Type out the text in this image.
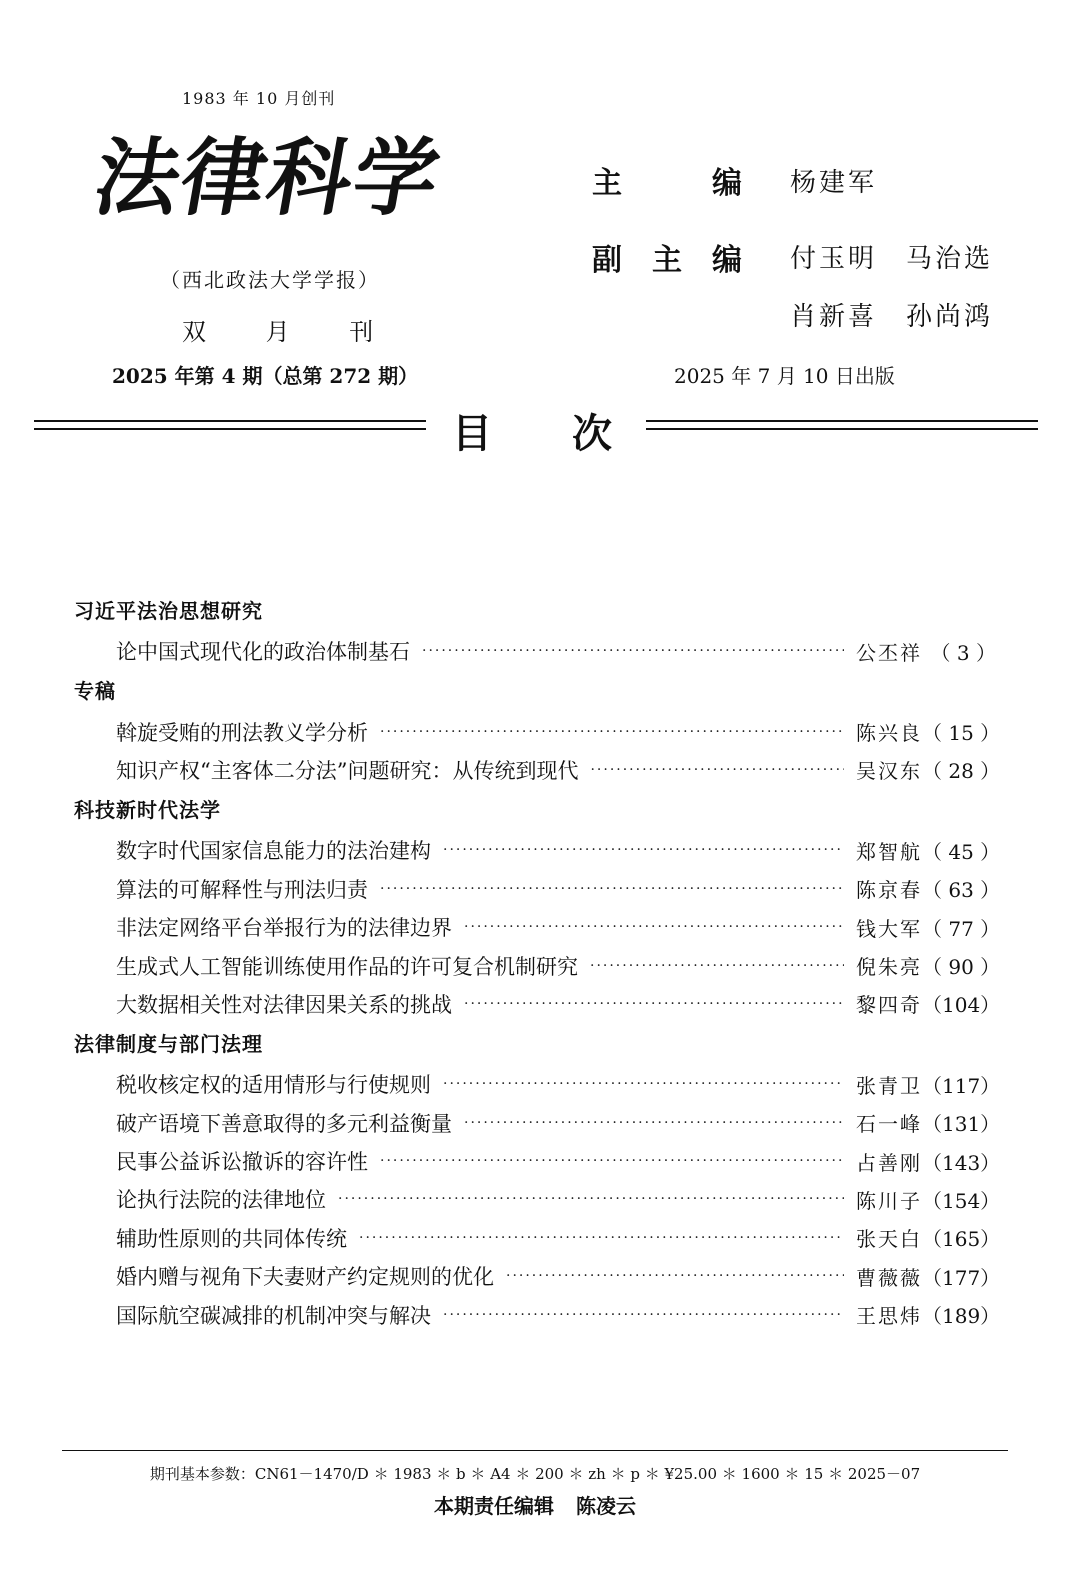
1983 年 10 月创刊
法律科学
（西北政法大学学报）
双 月 刊
2025 年第 4 期（总第 272 期）
主	编 杨建军
副 主 编 付玉明　马治选
肖新喜　孙尚鸿
2025 年 7 月 10 日出版
目次
习近平法治思想研究
论中国式现代化的政治体制基石 ·····	公丕祥 （ 3 ）
专稿
斡旋受贿的刑法教义学分析 ·····	陈兴良 （ 15 ）
知识产权“主客体二分法”问题研究：从传统到现代 ·····	吴汉东 （ 28 ）
科技新时代法学
数字时代国家信息能力的法治建构 ·····	郑智航 （ 45 ）
算法的可解释性与刑法归责 ·····	陈京春 （ 63 ）
非法定网络平台举报行为的法律边界 ·····	钱大军 （ 77 ）
生成式人工智能训练使用作品的许可复合机制研究 ·····	倪朱亮 （ 90 ）
大数据相关性对法律因果关系的挑战 ·····	黎四奇 （104）
法律制度与部门法理
税收核定权的适用情形与行使规则 ·····	张青卫 （117）
破产语境下善意取得的多元利益衡量 ·····	石一峰 （131）
民事公益诉讼撤诉的容许性 ·····	占善刚 （143）
论执行法院的法律地位 ·····	陈川子 （154）
辅助性原则的共同体传统 ·····	张天白 （165）
婚内赠与视角下夫妻财产约定规则的优化 ·····	曹薇薇 （177）
国际航空碳减排的机制冲突与解决 ·····	王思炜 （189）
期刊基本参数：CN61－1470/D ＊ 1983 ＊ b ＊ A4 ＊ 200 ＊ zh ＊ p ＊ ¥25.00 ＊ 1600 ＊ 15 ＊ 2025－07
本期责任编辑 陈凌云
